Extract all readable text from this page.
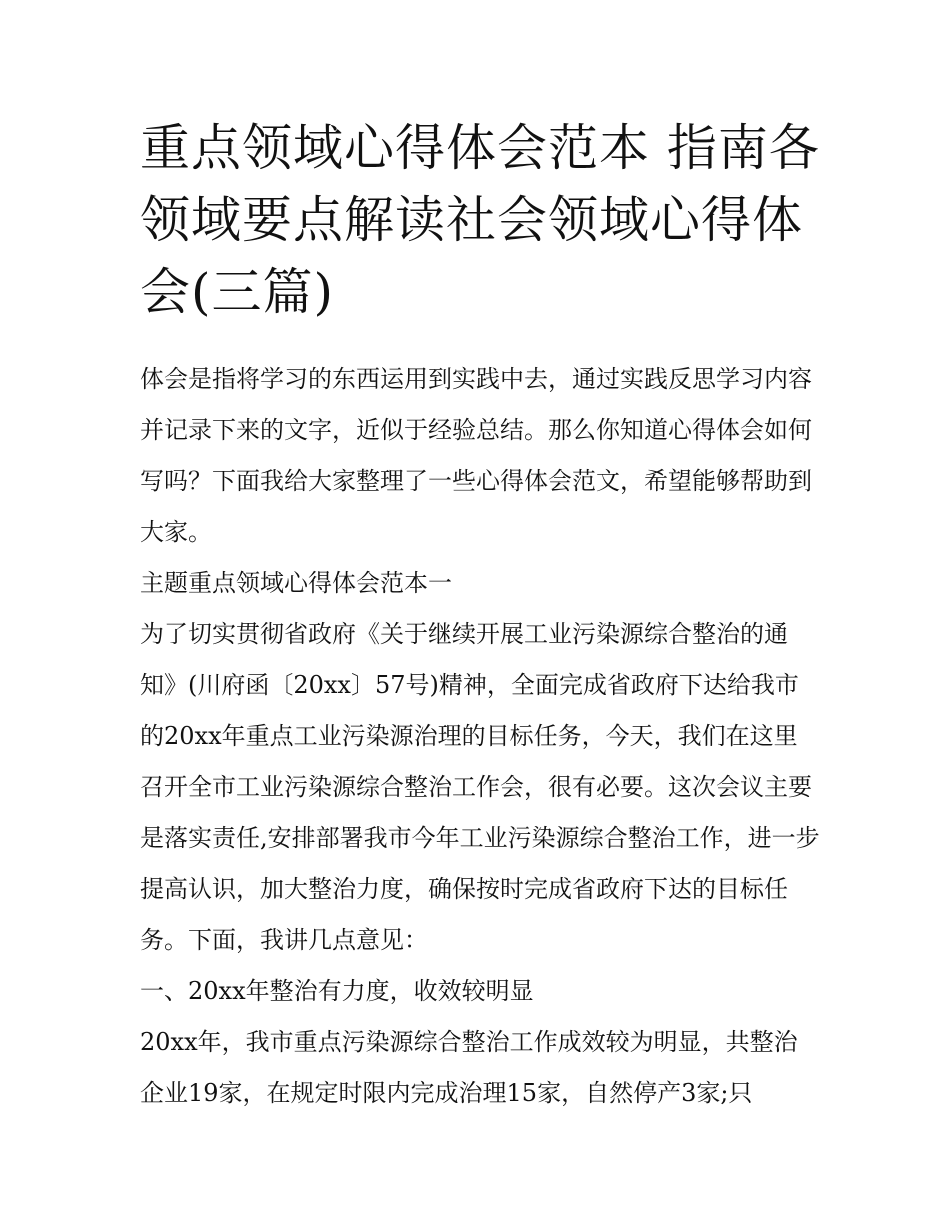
重点领域心得体会范本 指南各领域要点解读社会领域心得体会(三篇)

体会是指将学习的东西运用到实践中去，通过实践反思学习内容并记录下来的文字，近似于经验总结。那么你知道心得体会如何写吗？下面我给大家整理了一些心得体会范文，希望能够帮助到大家。

主题重点领域心得体会范本一

为了切实贯彻省政府《关于继续开展工业污染源综合整治的通知》(川府函〔20xx〕57号)精神，全面完成省政府下达给我市的20xx年重点工业污染源治理的目标任务，今天，我们在这里召开全市工业污染源综合整治工作会，很有必要。这次会议主要是落实责任,安排部署我市今年工业污染源综合整治工作，进一步提高认识，加大整治力度，确保按时完成省政府下达的目标任务。下面，我讲几点意见：

一、20xx年整治有力度，收效较明显

20xx年，我市重点污染源综合整治工作成效较为明显，共整治企业19家，在规定时限内完成治理15家，自然停产3家;只
